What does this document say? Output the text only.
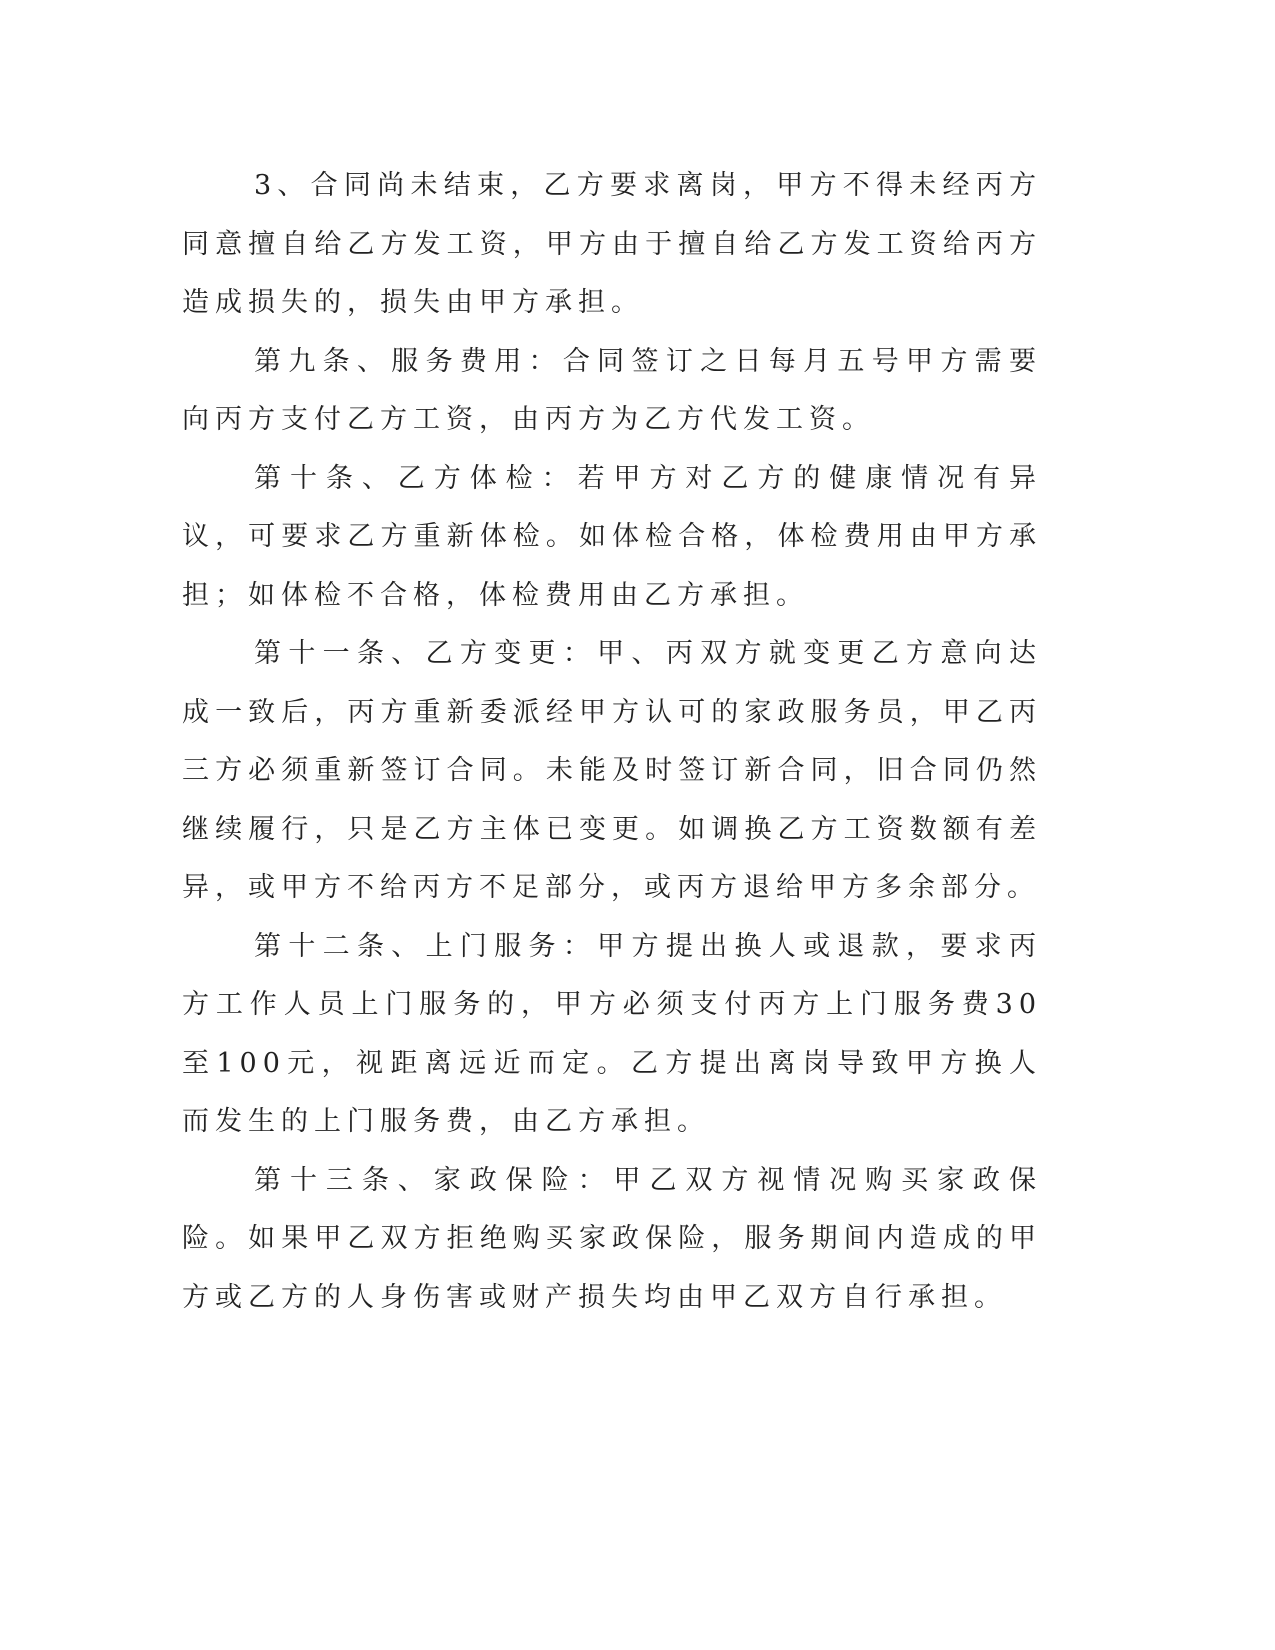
3、合同尚未结束，乙方要求离岗，甲方不得未经丙方同意擅自给乙方发工资，甲方由于擅自给乙方发工资给丙方造成损失的，损失由甲方承担。

第九条、服务费用：合同签订之日每月五号甲方需要向丙方支付乙方工资，由丙方为乙方代发工资。

第十条、乙方体检：若甲方对乙方的健康情况有异议，可要求乙方重新体检。如体检合格，体检费用由甲方承担；如体检不合格，体检费用由乙方承担。

第十一条、乙方变更：甲、丙双方就变更乙方意向达成一致后，丙方重新委派经甲方认可的家政服务员，甲乙丙三方必须重新签订合同。未能及时签订新合同，旧合同仍然继续履行，只是乙方主体已变更。如调换乙方工资数额有差异，或甲方不给丙方不足部分，或丙方退给甲方多余部分。

第十二条、上门服务：甲方提出换人或退款，要求丙方工作人员上门服务的，甲方必须支付丙方上门服务费30至100元，视距离远近而定。乙方提出离岗导致甲方换人而发生的上门服务费，由乙方承担。

第十三条、家政保险：甲乙双方视情况购买家政保险。如果甲乙双方拒绝购买家政保险，服务期间内造成的甲方或乙方的人身伤害或财产损失均由甲乙双方自行承担。
